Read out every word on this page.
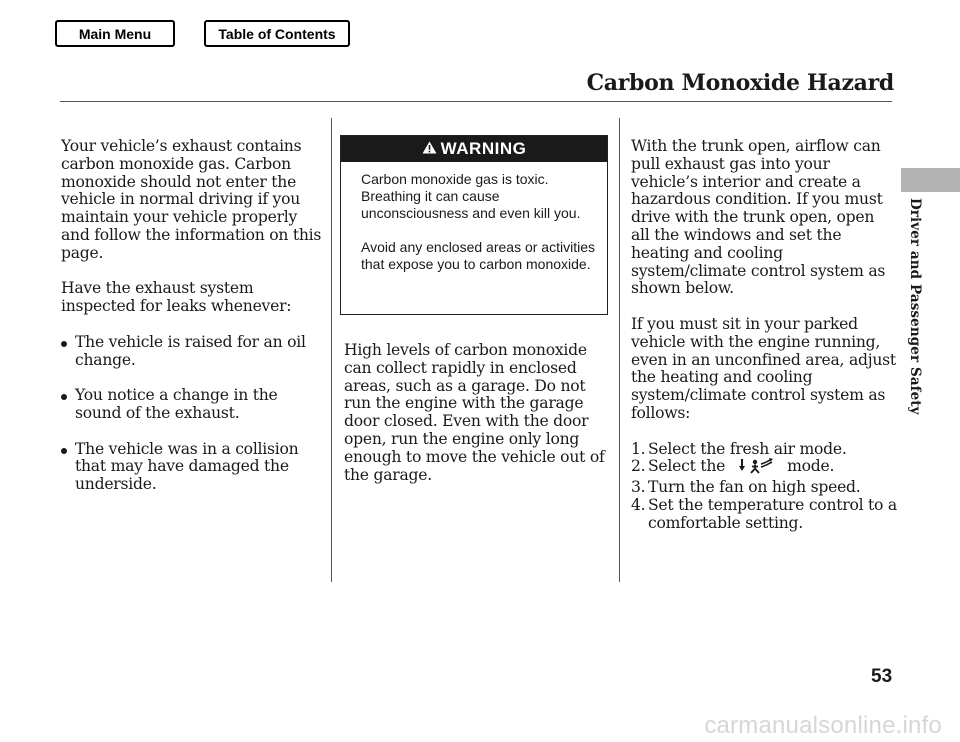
Main Menu	Table of Contents
Carbon Monoxide Hazard

Your vehicle’s exhaust contains carbon monoxide gas. Carbon monoxide should not enter the vehicle in normal driving if you maintain your vehicle properly and follow the information on this page.

Have the exhaust system inspected for leaks whenever:

The vehicle is raised for an oil change.
You notice a change in the sound of the exhaust.
The vehicle was in a collision that may have damaged the underside.
WARNING

Carbon monoxide gas is toxic. Breathing it can cause unconsciousness and even kill you.

Avoid any enclosed areas or activities that expose you to carbon monoxide.

High levels of carbon monoxide can collect rapidly in enclosed areas, such as a garage. Do not run the engine with the garage door closed. Even with the door open, run the engine only long enough to move the vehicle out of the garage.

With the trunk open, airflow can pull exhaust gas into your vehicle’s interior and create a hazardous condition. If you must drive with the trunk open, open all the windows and set the heating and cooling system/climate control system as shown below.

If you must sit in your parked vehicle with the engine running, even in an unconfined area, adjust the heating and cooling system/climate control system as follows:

1. Select the fresh air mode.
2. Select the	mode.
3. Turn the fan on high speed.
4. Set the temperature control to a comfortable setting.
Driver and Passenger Safety
53
carmanualsonline.info
